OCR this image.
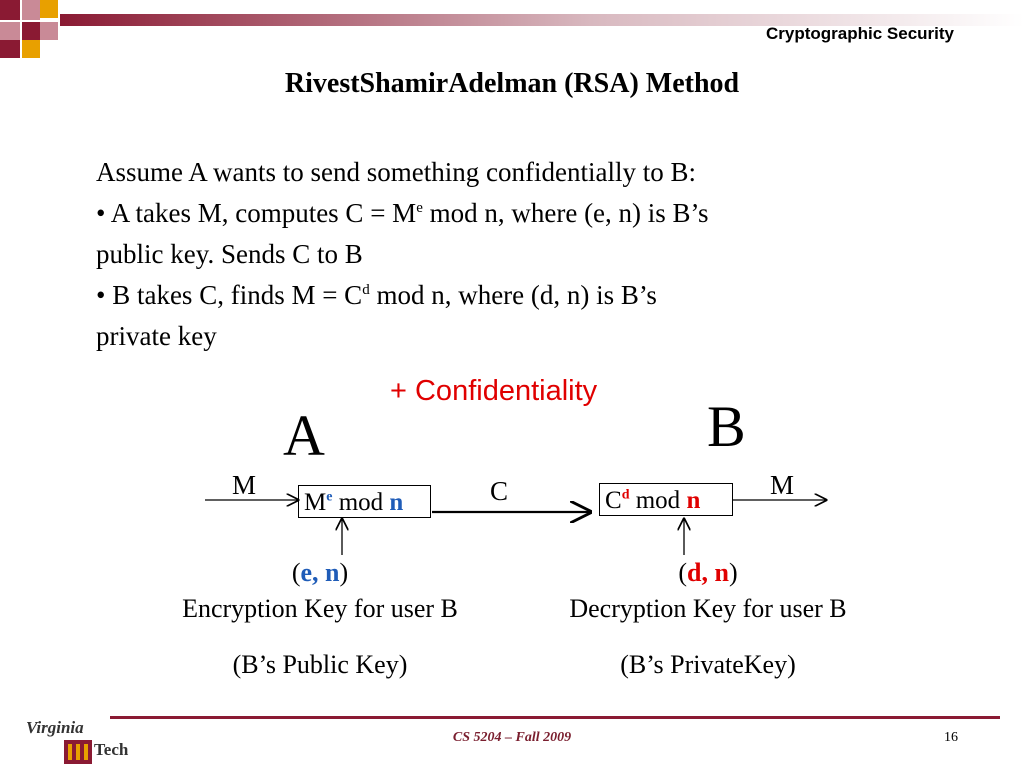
Cryptographic Security
RivestShamirAdelman (RSA) Method
Assume A wants to send something confidentially to B:
• A takes M, computes $C = M^e$ mod n, where (e, n) is B’s
public key. Sends C to B
• B takes C, finds $M = C^d$ mod n, where (d, n) is B’s
private key
+ Confidentiality
A	B
M	C	M
Me mod n	$C^d$ mod n
(e, n)
Encryption Key for user B
(B’s Public Key)
(d, n)
Decryption Key for user B
(B’s PrivateKey)
Virginia
Tech
CS 5204 – Fall 2009	16
